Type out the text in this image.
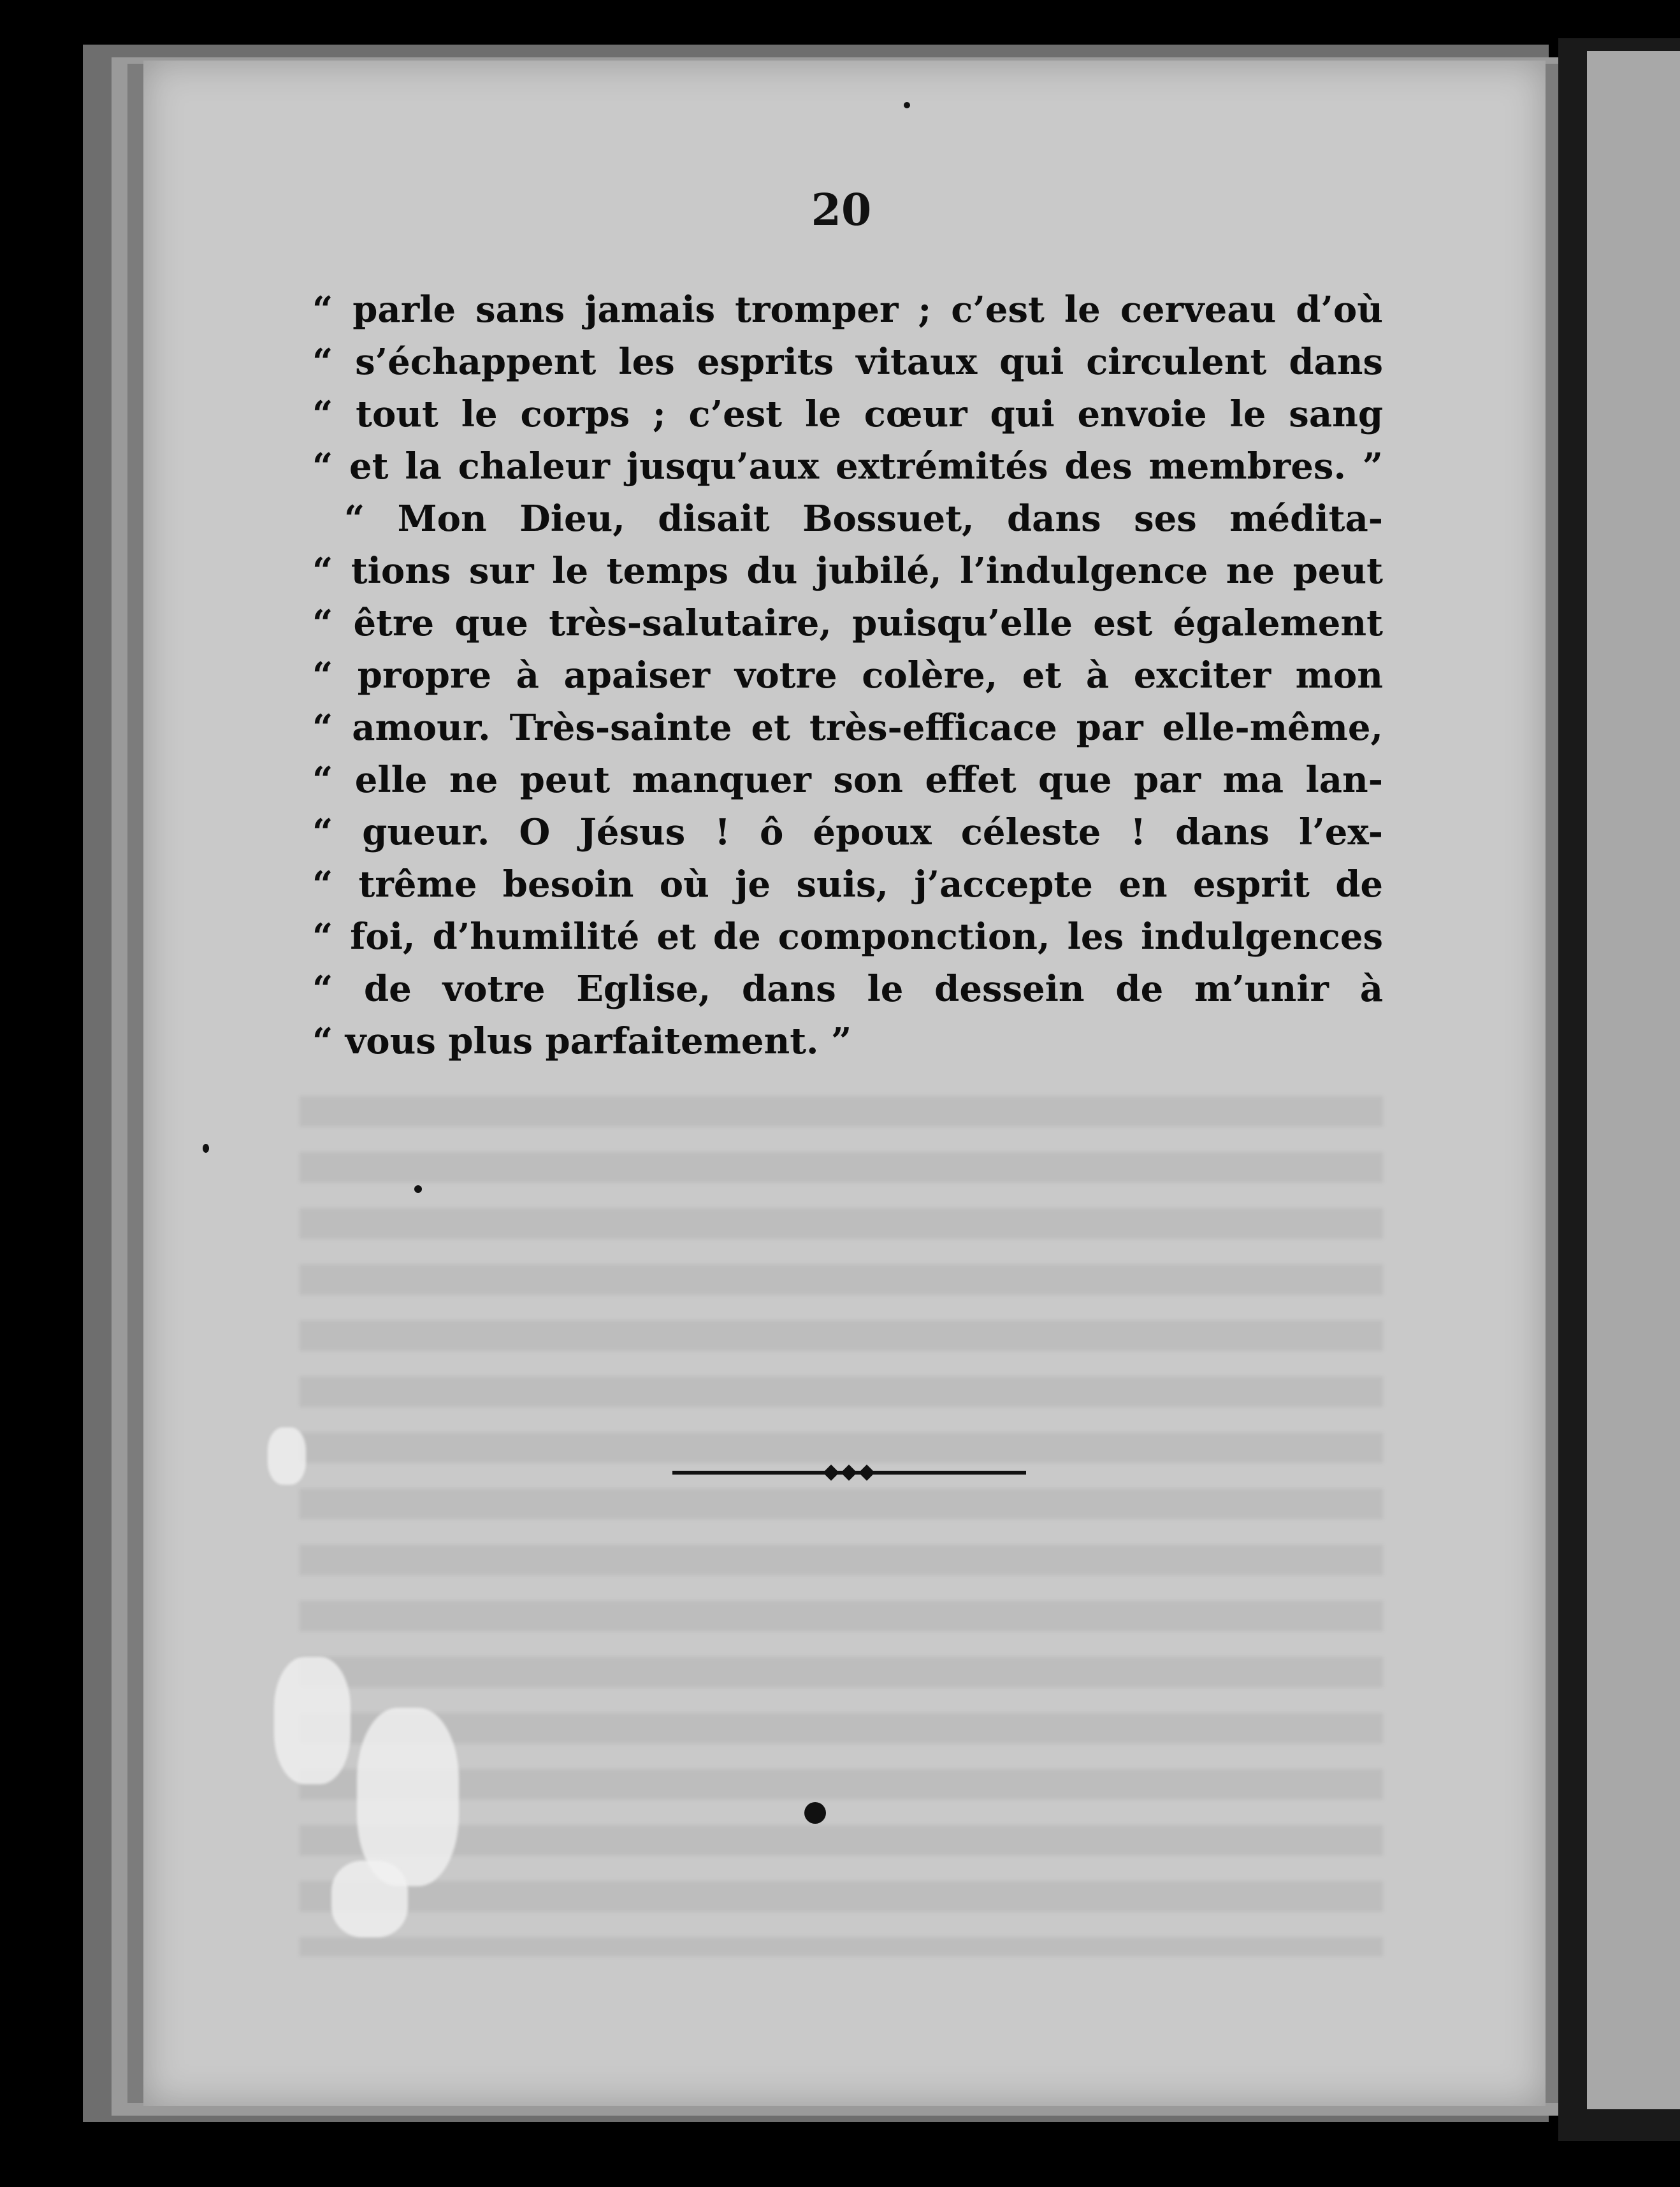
20
“ parle sans jamais tromper ; c’est le cerveau d’où
“ s’échappent les esprits vitaux qui circulent dans
“ tout le corps ; c’est le cœur qui envoie le sang
“ et la chaleur jusqu’aux extrémités des membres. ”
“ Mon Dieu, disait Bossuet, dans ses médita-
“ tions sur le temps du jubilé, l’indulgence ne peut
“ être que très-salutaire, puisqu’elle est également
“ propre à apaiser votre colère, et à exciter mon
“ amour. Très-sainte et très-efficace par elle-même,
“ elle ne peut manquer son effet que par ma lan-
“ gueur. O Jésus ! ô époux céleste ! dans l’ex-
“ trême besoin où je suis, j’accepte en esprit de
“ foi, d’humilité et de componction, les indulgences
“ de votre Eglise, dans le dessein de m’unir à
“ vous plus parfaitement. ”
